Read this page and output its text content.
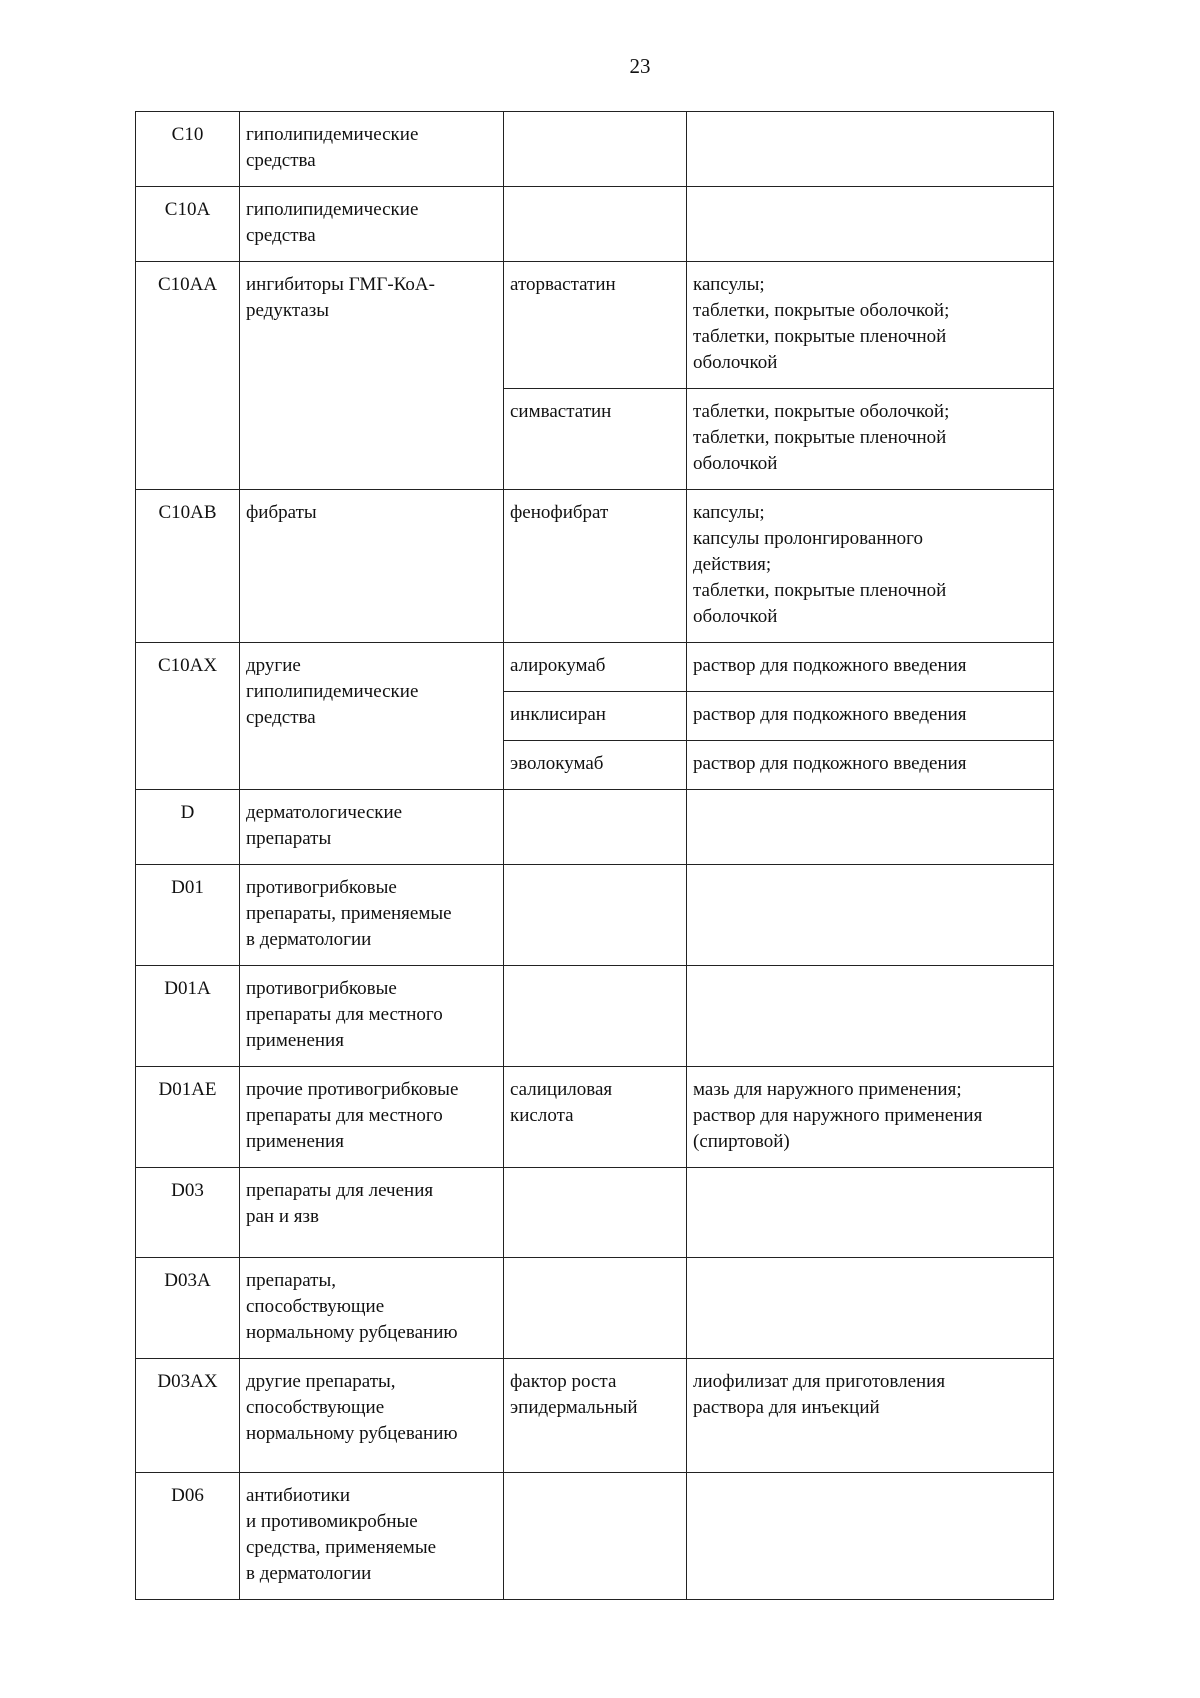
23
C10	гиполипидемические
средства		
C10A	гиполипидемические
средства		
C10AA	ингибиторы ГМГ-КоА-
редуктазы	аторвастатин	капсулы;
таблетки, покрытые оболочкой;
таблетки, покрытые пленочной
оболочкой
		симвастатин	таблетки, покрытые оболочкой;
таблетки, покрытые пленочной
оболочкой
C10AB	фибраты	фенофибрат	капсулы;
капсулы пролонгированного
действия;
таблетки, покрытые пленочной
оболочкой
C10AX	другие
гиполипидемические
средства	алирокумаб	раствор для подкожного введения
		инклисиран	раствор для подкожного введения
		эволокумаб	раствор для подкожного введения
D	дерматологические
препараты		
D01	противогрибковые
препараты, применяемые
в дерматологии		
D01A	противогрибковые
препараты для местного
применения		
D01AE	прочие противогрибковые
препараты для местного
применения	салициловая
кислота	мазь для наружного применения;
раствор для наружного применения
(спиртовой)
D03	препараты для лечения
ран и язв		
D03A	препараты,
способствующие
нормальному рубцеванию		
D03AX	другие препараты,
способствующие
нормальному рубцеванию	фактор роста
эпидермальный	лиофилизат для приготовления
раствора для инъекций
D06	антибиотики
и противомикробные
средства, применяемые
в дерматологии		
